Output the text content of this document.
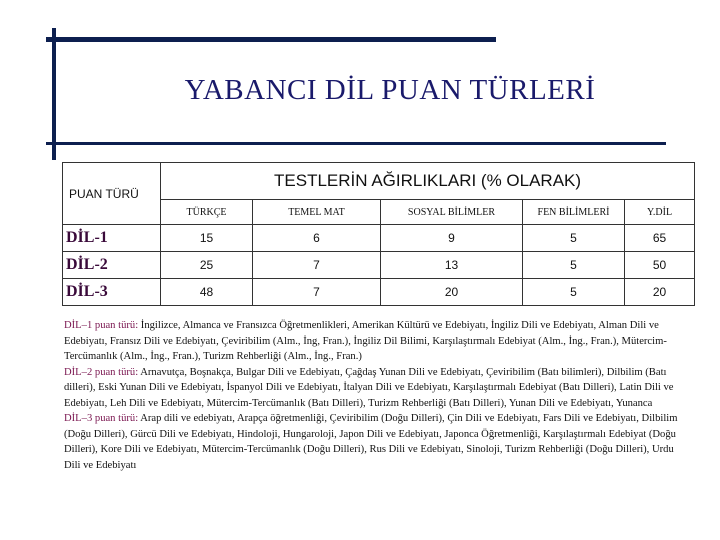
YABANCI DİL PUAN TÜRLERİ
PUAN TÜRÜ	TESTLERİN AĞIRLIKLARI (% OLARAK)				
	TÜRKÇE	TEMEL MAT	SOSYAL BİLİMLER	FEN BİLİMLERİ	Y.DİL
DİL-1	15	6	9	5	65
DİL-2	25	7	13	5	50
DİL-3	48	7	20	5	20
DİL–1 puan türü: İngilizce, Almanca ve Fransızca Öğretmenlikleri, Amerikan Kültürü ve Edebiyatı, İngiliz Dili ve Edebiyatı, Alman Dili ve Edebiyatı, Fransız Dili ve Edebiyatı, Çeviribilim (Alm., İng, Fran.), İngiliz Dil Bilimi, Karşılaştırmalı Edebiyat (Alm., İng., Fran.), Mütercim-Tercümanlık (Alm., İng., Fran.), Turizm Rehberliği (Alm., İng., Fran.)
DİL–2 puan türü: Arnavutça, Boşnakça, Bulgar Dili ve Edebiyatı, Çağdaş Yunan Dili ve Edebiyatı, Çeviribilim (Batı bilimleri), Dilbilim (Batı dilleri), Eski Yunan Dili ve Edebiyatı, İspanyol Dili ve Edebiyatı, İtalyan Dili ve Edebiyatı, Karşılaştırmalı Edebiyat (Batı Dilleri), Latin Dili ve Edebiyatı, Leh Dili ve Edebiyatı, Mütercim-Tercümanlık (Batı Dilleri), Turizm Rehberliği (Batı Dilleri), Yunan Dili ve Edebiyatı, Yunanca
DİL–3 puan türü: Arap dili ve edebiyatı, Arapça öğretmenliği, Çeviribilim (Doğu Dilleri), Çin Dili ve Edebiyatı, Fars Dili ve Edebiyatı, Dilbilim (Doğu Dilleri), Gürcü Dili ve Edebiyatı, Hindoloji, Hungaroloji, Japon Dili ve Edebiyatı, Japonca Öğretmenliği, Karşılaştırmalı Edebiyat (Doğu Dilleri), Kore Dili ve Edebiyatı, Mütercim-Tercümanlık (Doğu Dilleri), Rus Dili ve Edebiyatı, Sinoloji, Turizm Rehberliği (Doğu Dilleri), Urdu Dili ve Edebiyatı
